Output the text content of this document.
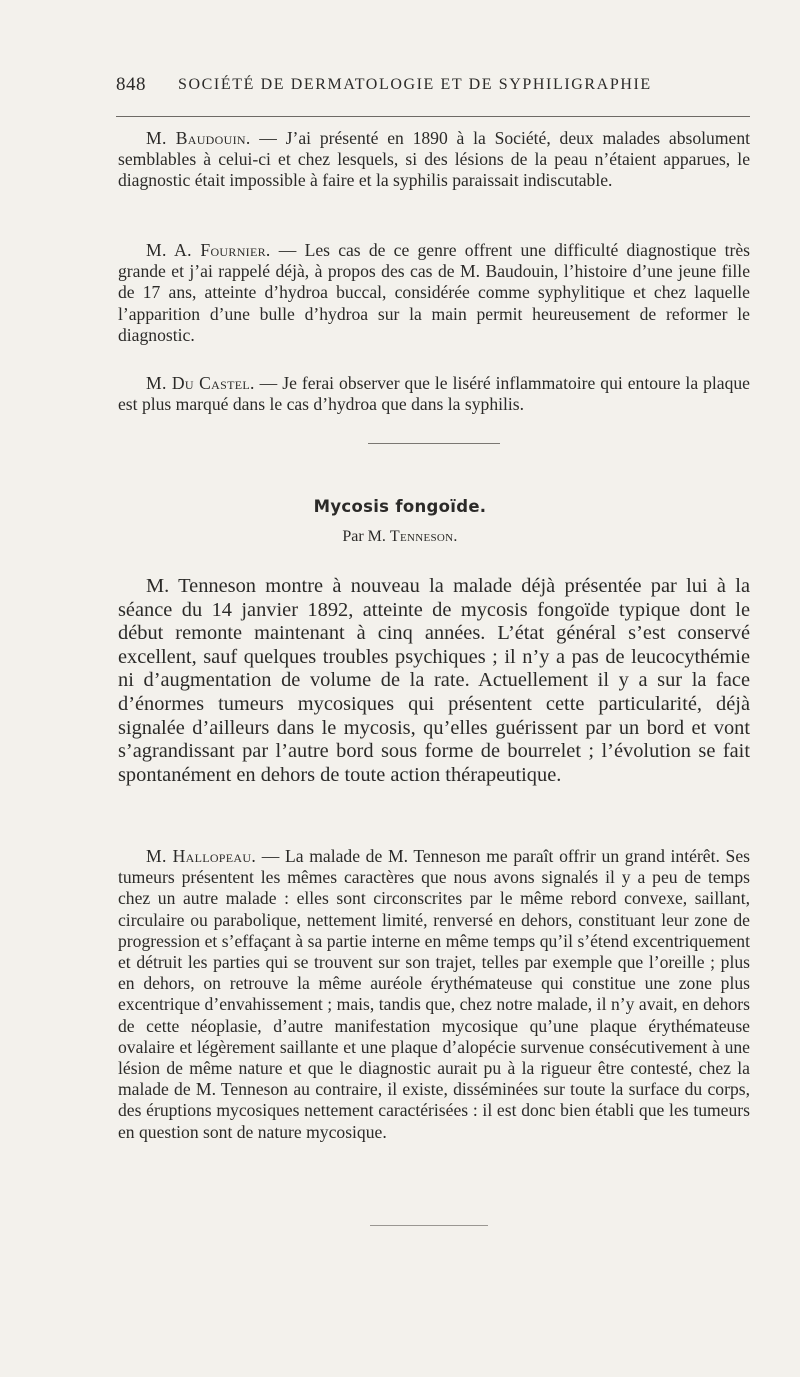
848 SOCIÉTÉ DE DERMATOLOGIE ET DE SYPHILIGRAPHIE

M. Baudouin. — J’ai présenté en 1890 à la Société, deux malades absolument semblables à celui-ci et chez lesquels, si des lésions de la peau n’étaient apparues, le diagnostic était impossible à faire et la syphilis paraissait indiscutable.

M. A. Fournier. — Les cas de ce genre offrent une difficulté diagnostique très grande et j’ai rappelé déjà, à propos des cas de M. Baudouin, l’histoire d’une jeune fille de 17 ans, atteinte d’hydroa buccal, considérée comme syphylitique et chez laquelle l’apparition d’une bulle d’hydroa sur la main permit heureusement de reformer le diagnostic.

M. Du Castel. — Je ferai observer que le liséré inflammatoire qui entoure la plaque est plus marqué dans le cas d’hydroa que dans la syphilis.

Mycosis fongoïde.
Par M. Tenneson.

M. Tenneson montre à nouveau la malade déjà présentée par lui à la séance du 14 janvier 1892, atteinte de mycosis fongoïde typique dont le début remonte maintenant à cinq années. L’état général s’est conservé excellent, sauf quelques troubles psychiques ; il n’y a pas de leucocythémie ni d’augmentation de volume de la rate. Actuellement il y a sur la face d’énormes tumeurs mycosiques qui présentent cette particularité, déjà signalée d’ailleurs dans le mycosis, qu’elles guérissent par un bord et vont s’agrandissant par l’autre bord sous forme de bourrelet ; l’évolution se fait spontanément en dehors de toute action thérapeutique.

M. Hallopeau. — La malade de M. Tenneson me paraît offrir un grand intérêt. Ses tumeurs présentent les mêmes caractères que nous avons signalés il y a peu de temps chez un autre malade : elles sont circonscrites par le même rebord convexe, saillant, circulaire ou parabolique, nettement limité, renversé en dehors, constituant leur zone de progression et s’effaçant à sa partie interne en même temps qu’il s’étend excentriquement et détruit les parties qui se trouvent sur son trajet, telles par exemple que l’oreille ; plus en dehors, on retrouve la même auréole érythémateuse qui constitue une zone plus excentrique d’envahissement ; mais, tandis que, chez notre malade, il n’y avait, en dehors de cette néoplasie, d’autre manifestation mycosique qu’une plaque érythémateuse ovalaire et légèrement saillante et une plaque d’alopécie survenue consécutivement à une lésion de même nature et que le diagnostic aurait pu à la rigueur être contesté, chez la malade de M. Tenneson au contraire, il existe, disséminées sur toute la surface du corps, des éruptions mycosiques nettement caractérisées : il est donc bien établi que les tumeurs en question sont de nature mycosique.
